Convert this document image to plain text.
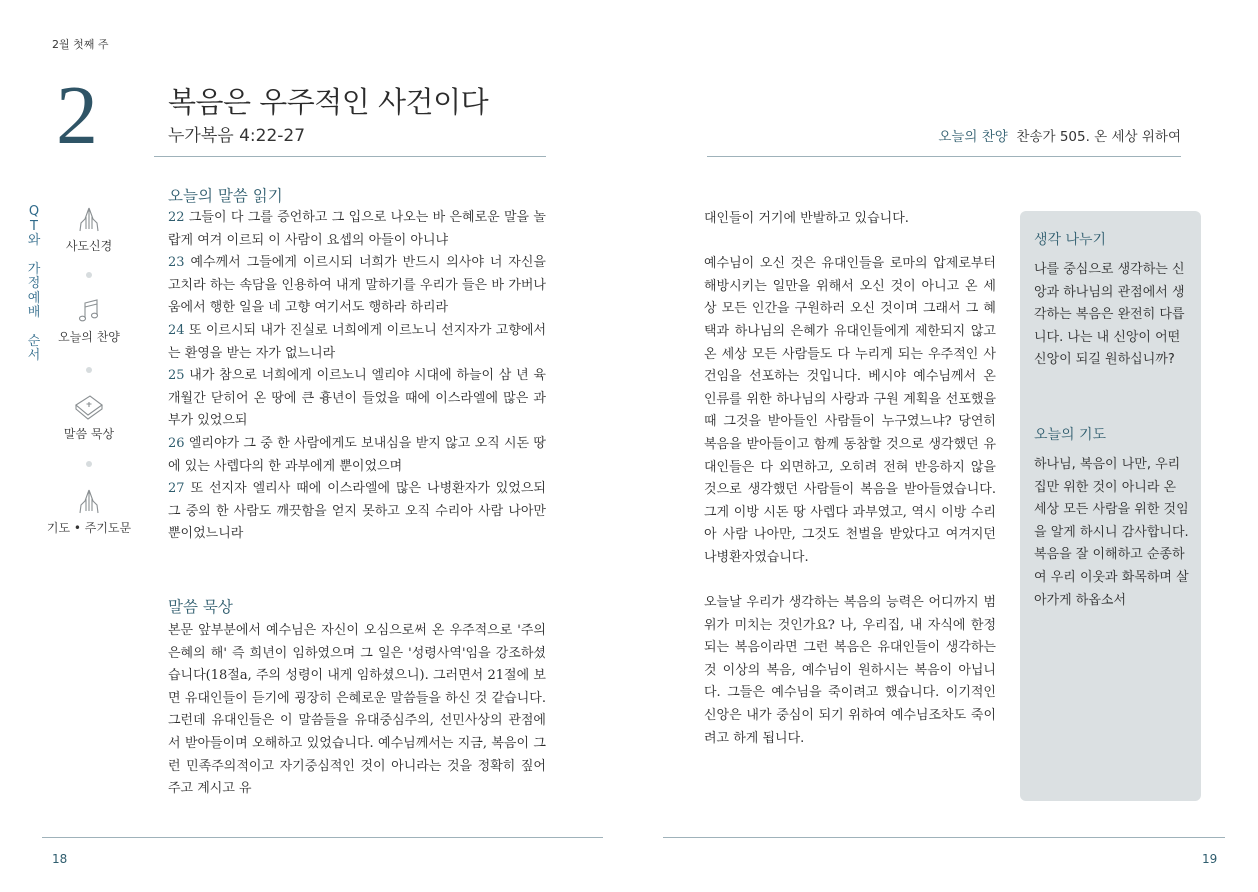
2월 첫째 주
2 복음은 우주적인 사건이다
누가복음 4:22-27
Q
T
와
가
정
예
배
순
서
사도신경
오늘의 찬양
말씀 묵상
기도 • 주기도문
오늘의 말씀 읽기
22 그들이 다 그를 증언하고 그 입으로 나오는 바 은혜로운 말을 놀랍게 여겨 이르되 이 사람이 요셉의 아들이 아니냐
23 예수께서 그들에게 이르시되 너희가 반드시 의사야 너 자신을 고치라 하는 속담을 인용하여 내게 말하기를 우리가 들은 바 가버나움에서 행한 일을 네 고향 여기서도 행하라 하리라
24 또 이르시되 내가 진실로 너희에게 이르노니 선지자가 고향에서는 환영을 받는 자가 없느니라
25 내가 참으로 너희에게 이르노니 엘리야 시대에 하늘이 삼 년 육 개월간 닫히어 온 땅에 큰 흉년이 들었을 때에 이스라엘에 많은 과부가 있었으되
26 엘리야가 그 중 한 사람에게도 보내심을 받지 않고 오직 시돈 땅에 있는 사렙다의 한 과부에게 뿐이었으며
27 또 선지자 엘리사 때에 이스라엘에 많은 나병환자가 있었으되 그 중의 한 사람도 깨끗함을 얻지 못하고 오직 수리아 사람 나아만뿐이었느니라
말씀 묵상
본문 앞부분에서 예수님은 자신이 오심으로써 온 우주적으로 '주의 은혜의 해' 즉 희년이 임하였으며 그 일은 '성령사역'임을 강조하셨습니다(18절a, 주의 성령이 내게 임하셨으니). 그러면서 21절에 보면 유대인들이 듣기에 굉장히 은혜로운 말씀들을 하신 것 같습니다. 그런데 유대인들은 이 말씀들을 유대중심주의, 선민사상의 관점에서 받아들이며 오해하고 있었습니다. 예수님께서는 지금, 복음이 그런 민족주의적이고 자기중심적인 것이 아니라는 것을 정확히 짚어주고 계시고 유
18
오늘의 찬양 찬송가 505. 온 세상 위하여

대인들이 거기에 반발하고 있습니다.

예수님이 오신 것은 유대인들을 로마의 압제로부터 해방시키는 일만을 위해서 오신 것이 아니고 온 세상 모든 인간을 구원하러 오신 것이며 그래서 그 혜택과 하나님의 은혜가 유대인들에게 제한되지 않고 온 세상 모든 사람들도 다 누리게 되는 우주적인 사건임을 선포하는 것입니다. 베시야 예수님께서 온 인류를 위한 하나님의 사랑과 구원 계획을 선포했을 때 그것을 받아들인 사람들이 누구였느냐? 당연히 복음을 받아들이고 함께 동참할 것으로 생각했던 유대인들은 다 외면하고, 오히려 전혀 반응하지 않을 것으로 생각했던 사람들이 복음을 받아들였습니다. 그게 이방 시돈 땅 사렙다 과부였고, 역시 이방 수리아 사람 나아만, 그것도 천벌을 받았다고 여겨지던 나병환자였습니다.

오늘날 우리가 생각하는 복음의 능력은 어디까지 범위가 미치는 것인가요? 나, 우리집, 내 자식에 한정되는 복음이라면 그런 복음은 유대인들이 생각하는 것 이상의 복음, 예수님이 원하시는 복음이 아닙니다. 그들은 예수님을 죽이려고 했습니다. 이기적인 신앙은 내가 중심이 되기 위하여 예수님조차도 죽이려고 하게 됩니다.

생각 나누기

나를 중심으로 생각하는 신앙과 하나님의 관점에서 생각하는 복음은 완전히 다릅니다. 나는 내 신앙이 어떤 신앙이 되길 원하십니까?

오늘의 기도

하나님, 복음이 나만, 우리집만 위한 것이 아니라 온 세상 모든 사람을 위한 것임을 알게 하시니 감사합니다. 복음을 잘 이해하고 순종하여 우리 이웃과 화목하며 살아가게 하옵소서

19
